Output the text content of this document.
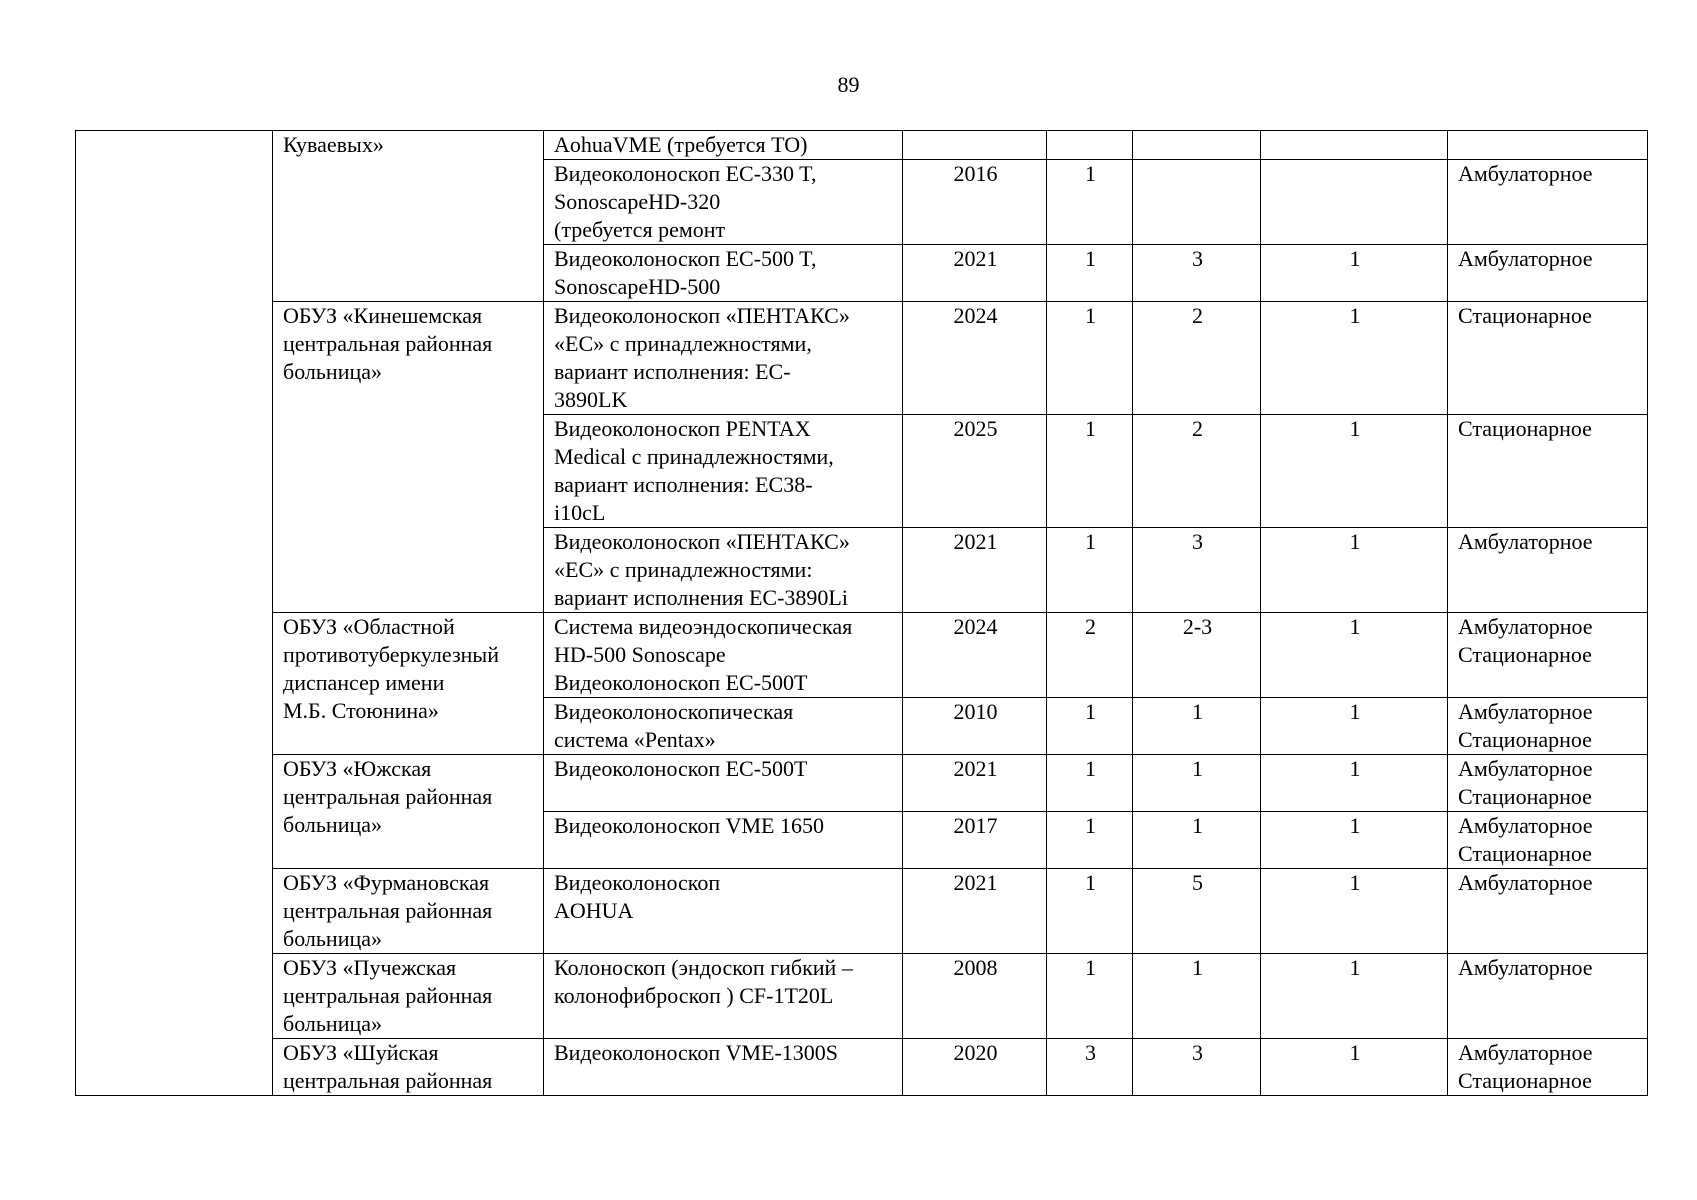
89

	Куваевых»	AohuaVME (требуется ТО)					

		Видеоколоноскоп EC-330 T,
SonoscapeHD-320
(требуется ремонт	2016	1			Амбулаторное

		Видеоколоноскоп EC-500 T,
SonoscapeHD-500	2021	1	3	1	Амбулаторное

	ОБУЗ «Кинешемская
центральная районная
больница»	Видеоколоноскоп «ПЕНТАКС»
«ЕС» с принадлежностями,
вариант исполнения: ЕС-
3890LK	2024	1	2	1	Стационарное

		Видеоколоноскоп PENTAX
Medical с принадлежностями,
вариант исполнения: EC38-
i10cL	2025	1	2	1	Стационарное

		Видеоколоноскоп «ПЕНТАКС»
«ЕС» с принадлежностями:
вариант исполнения ЕС-3890Li	2021	1	3	1	Амбулаторное

	ОБУЗ «Областной
противотуберкулезный
диспансер имени
М.Б. Стоюнина»	Система видеоэндоскопическая
HD-500 Sonoscape
Видеоколоноскоп EC-500T	2024	2	2-3	1	Амбулаторное
Стационарное

		Видеоколоноскопическая
система «Pentax»	2010	1	1	1	Амбулаторное
Стационарное

	ОБУЗ «Южская
центральная районная
больница»	Видеоколоноскоп ЕС-500Т	2021	1	1	1	Амбулаторное
Стационарное

		Видеоколоноскоп VME 1650	2017	1	1	1	Амбулаторное
Стационарное

	ОБУЗ «Фурмановская
центральная районная
больница»	Видеоколоноскоп
AOHUA	2021	1	5	1	Амбулаторное

	ОБУЗ «Пучежская
центральная районная
больница»	Колоноскоп (эндоскоп гибкий –
колонофиброскоп ) CF-1T20L	2008	1	1	1	Амбулаторное

	ОБУЗ «Шуйская
центральная районная	Видеоколоноскоп VME-1300S	2020	3	3	1	Амбулаторное
Стационарное
